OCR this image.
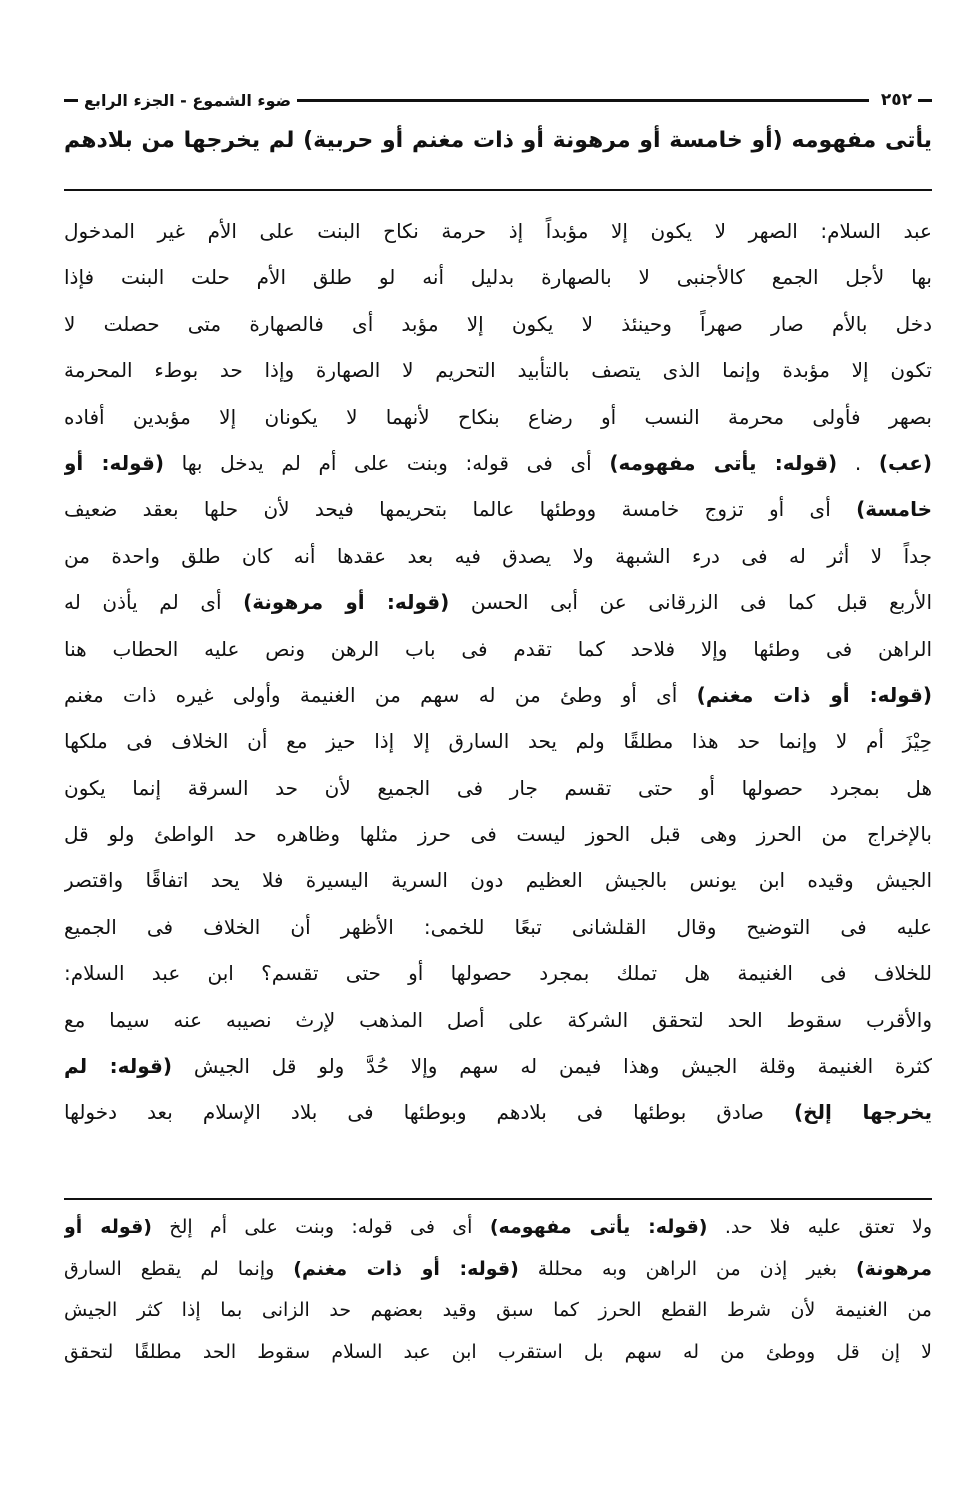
٢٥٢
ضوء الشموع - الجزء الرابع
يأتى مفهومه (أو خامسة أو مرهونة أو ذات مغنم أو حربية) لم يخرجها من بلادهم
عبد السلام: الصهر لا يكون إلا مؤبداً إذ حرمة نكاح البنت على الأم غير المدخول
بها لأجل الجمع كالأجنبى لا بالصهارة بدليل أنه لو طلق الأم حلت البنت فإذا
دخل بالأم صار صهراً وحينئذ لا يكون إلا مؤبد أى فالصهارة متى حصلت لا
تكون إلا مؤبدة وإنما الذى يتصف بالتأبيد التحريم لا الصهارة وإذا حد بوطء المحرمة
بصهر فأولى محرمة النسب أو رضاع بنكاح لأنهما لا يكونان إلا مؤبدين أفاده
(عب) . (قوله: يأتى مفهومه) أى فى قوله: وبنت على أم لم يدخل بها (قوله: أو
خامسة) أى أو تزوج خامسة ووطئها عالما بتحريمها فيحد لأن حلها بعقد ضعيف
جداً لا أثر له فى درء الشبهة ولا يصدق فيه بعد عقدها أنه كان طلق واحدة من
الأربع قبل كما فى الزرقانى عن أبى الحسن (قوله: أو مرهونة) أى لم يأذن له
الراهن فى وطئها وإلا فلاحد كما تقدم فى باب الرهن ونص عليه الحطاب هنا
(قوله: أو ذات مغنم) أى أو وطئ من له سهم من الغنيمة وأولى غيره ذات مغنم
حِيْزَ أم لا وإنما حد هذا مطلقًا ولم يحد السارق إلا إذا حيز مع أن الخلاف فى ملكها
هل بمجرد حصولها أو حتى تقسم جار فى الجميع لأن حد السرقة إنما يكون
بالإخراج من الحرز وهى قبل الحوز ليست فى حرز مثلها وظاهره حد الواطئ ولو قل
الجيش وقيده ابن يونس بالجيش العظيم دون السرية اليسيرة فلا يحد اتفاقًا واقتصر
عليه فى التوضيح وقال القلشانى تبعًا للخمى: الأظهر أن الخلاف فى الجميع
للخلاف فى الغنيمة هل تملك بمجرد حصولها أو حتى تقسم؟ ابن عبد السلام:
والأقرب سقوط الحد لتحقق الشركة على أصل المذهب لإرث نصيبه عنه سيما مع
كثرة الغنيمة وقلة الجيش وهذا فيمن له سهم وإلا حُدَّ ولو قل الجيش (قوله: لم
يخرجها إلخ) صادق بوطئها فى بلادهم وبوطئها فى بلاد الإسلام بعد دخولها
ولا تعتق عليه فلا حد. (قوله: يأتى مفهومه) أى فى قوله: وبنت على أم إلخ (قوله أو
مرهونة) بغير إذن من الراهن وبه محللة (قوله: أو ذات مغنم) وإنما لم يقطع السارق
من الغنيمة لأن شرط القطع الحرز كما سبق وقيد بعضهم حد الزانى بما إذا كثر الجيش
لا إن قل ووطئ من له سهم بل استقرب ابن عبد السلام سقوط الحد مطلقًا لتحقق
